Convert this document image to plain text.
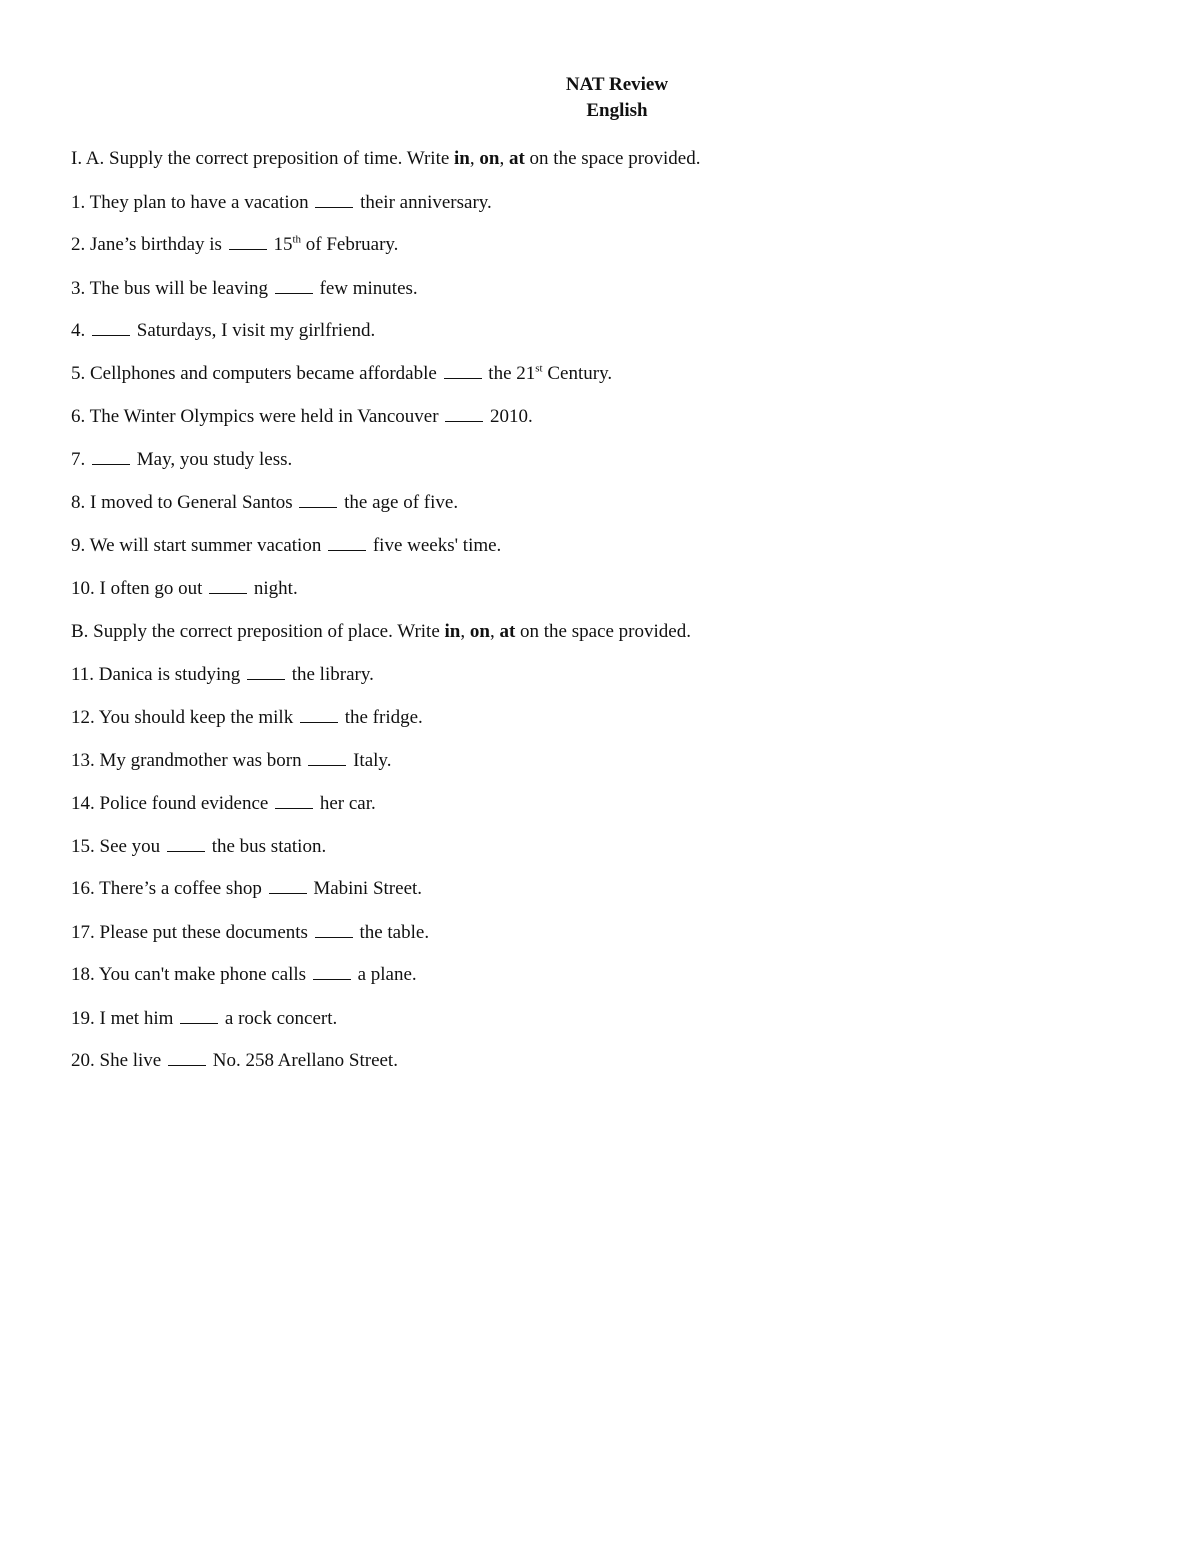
NAT Review
English
I. A. Supply the correct preposition of time. Write in, on, at on the space provided.
1. They plan to have a vacation  their anniversary.
2. Jane’s birthday is  15th of February.
3. The bus will be leaving  few minutes.
4.  Saturdays, I visit my girlfriend.
5. Cellphones and computers became affordable  the 21st Century.
6. The Winter Olympics were held in Vancouver  2010.
7.  May, you study less.
8. I moved to General Santos  the age of five.
9. We will start summer vacation  five weeks' time.
10. I often go out  night.
B. Supply the correct preposition of place. Write in, on, at on the space provided.
11. Danica is studying  the library.
12. You should keep the milk  the fridge.
13. My grandmother was born  Italy.
14. Police found evidence  her car.
15. See you  the bus station.
16. There’s a coffee shop  Mabini Street.
17. Please put these documents  the table.
18. You can't make phone calls  a plane.
19. I met him  a rock concert.
20. She live  No. 258 Arellano Street.
